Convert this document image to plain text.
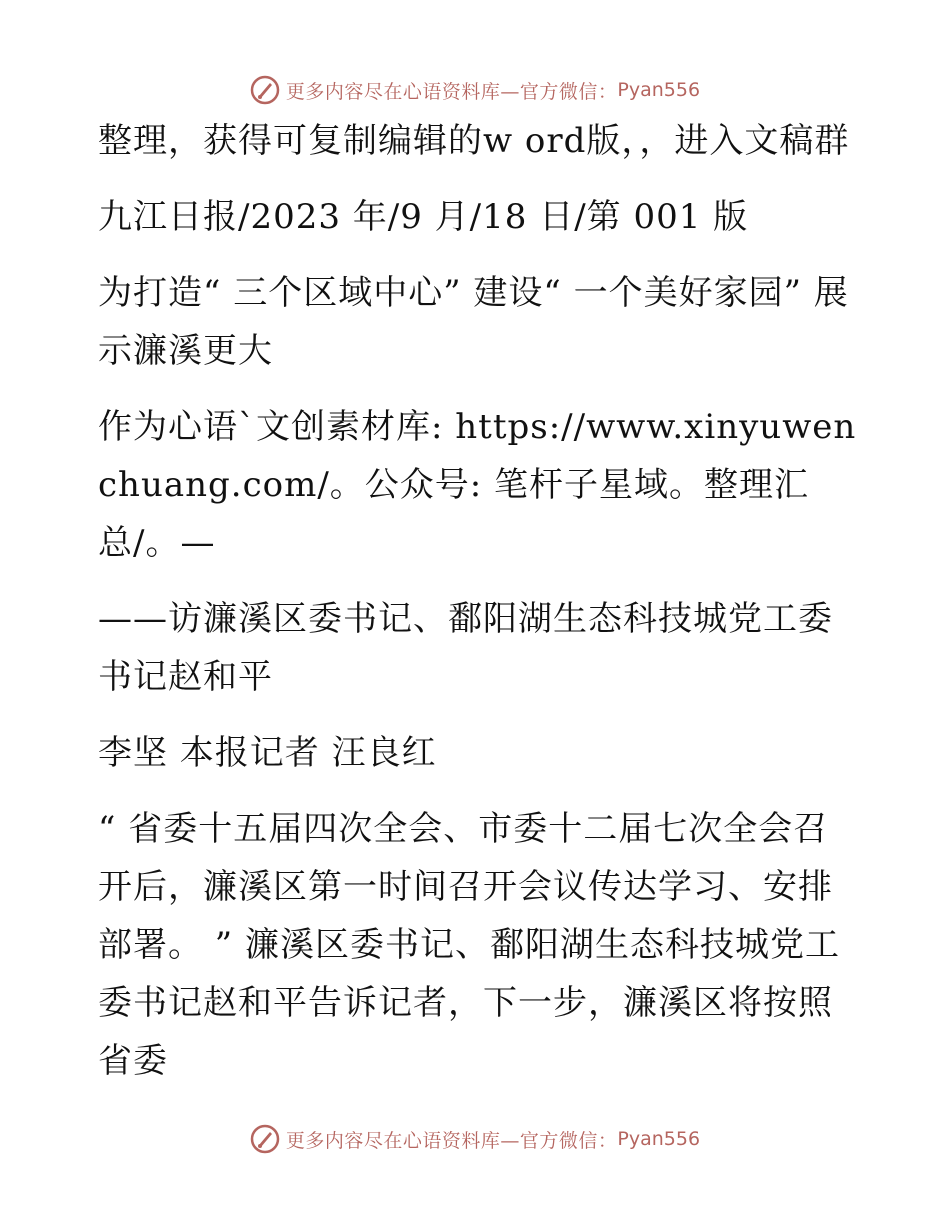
更多内容尽在心语资料库—官方微信： Pyan556

整理，获得可复制编辑的w ord版，，进入文稿群

九江日报/2023 年/9 月/18 日/第 001 版

为打造“ 三个区域中心” 建设“ 一个美好家园” 展示濂溪更大

作为心语`文创素材库: https://www.xinyuwenchuang.com/。公众号: 笔杆子星域。整理汇总/。—

——访濂溪区委书记、鄱阳湖生态科技城党工委书记赵和平

李坚 本报记者 汪良红

“ 省委十五届四次全会、市委十二届七次全会召开后，濂溪区第一时间召开会议传达学习、安排部署。 ” 濂溪区委书记、鄱阳湖生态科技城党工委书记赵和平告诉记者，下一步，濂溪区将按照省委

更多内容尽在心语资料库—官方微信： Pyan556
